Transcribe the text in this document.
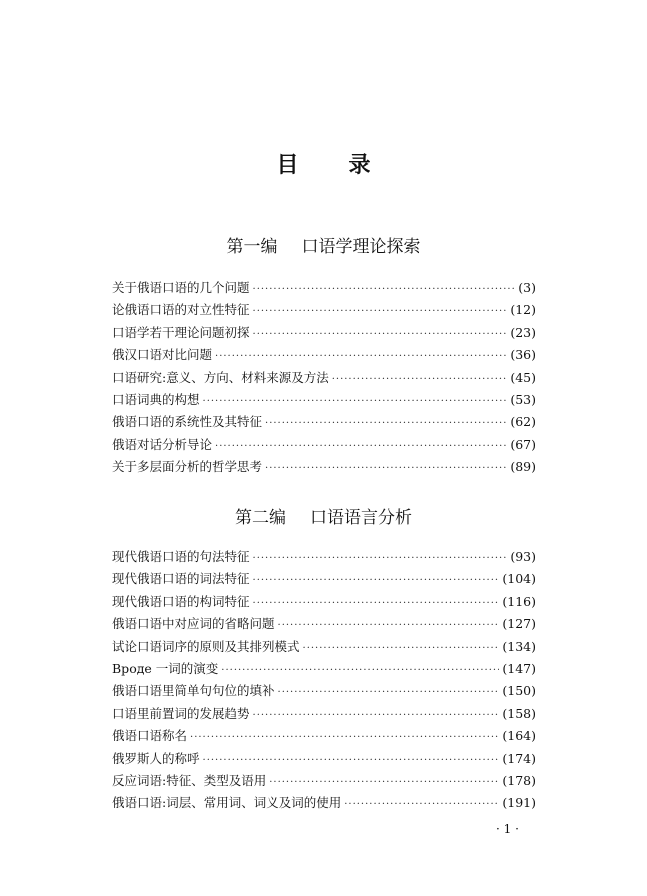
目 录
第一编 口语学理论探索
关于俄语口语的几个问题 ·····	(3)
论俄语口语的对立性特征 ·····	(12)
口语学若干理论问题初探 ·····	(23)
俄汉口语对比问题 ·····	(36)
口语研究:意义、方向、材料来源及方法 ·····	(45)
口语词典的构想 ·····	(53)
俄语口语的系统性及其特征 ·····	(62)
俄语对话分析导论 ·····	(67)
关于多层面分析的哲学思考 ·····	(89)
第二编 口语语言分析
现代俄语口语的句法特征 ·····	(93)
现代俄语口语的词法特征 ·····	(104)
现代俄语口语的构词特征 ·····	(116)
俄语口语中对应词的省略问题 ·····	(127)
试论口语词序的原则及其排列模式 ·····	(134)
Вроде 一词的演变 ·····	(147)
俄语口语里简单句句位的填补 ·····	(150)
口语里前置词的发展趋势 ·····	(158)
俄语口语称名 ·····	(164)
俄罗斯人的称呼 ·····	(174)
反应词语:特征、类型及语用 ·····	(178)
俄语口语:词层、常用词、词义及词的使用 ·····	(191)
· 1 ·
